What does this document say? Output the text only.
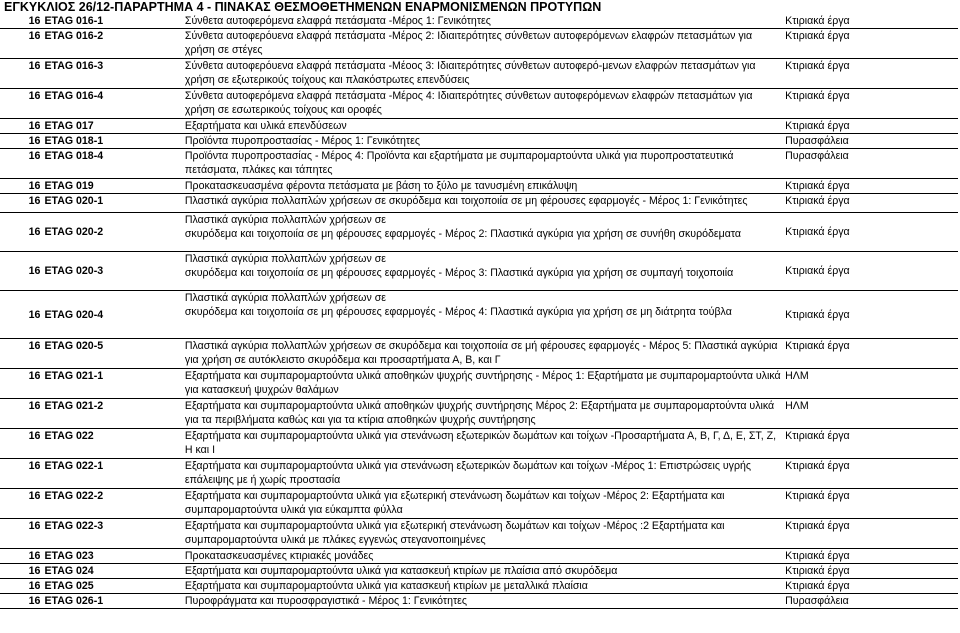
ΕΓΚΥΚΛΙΟΣ 26/12-ΠΑΡΑΡΤΗΜΑ 4 - ΠΙΝΑΚΑΣ ΘΕΣΜΟΘΕΤΗΜΕΝΩΝ ΕΝΑΡΜΟΝΙΣΜΕΝΩΝ ΠΡΟΤΥΠΩΝ
16	ETAG 016-1	Σύνθετα αυτοφερόμενα ελαφρά πετάσματα -Μέρος 1: Γενικότητες	Κτιριακά έργα
16	ETAG 016-2	Σύνθετα αυτοφερόυενα ελαφρά πετάσματα -Μέρος 2: Ιδιαιτερότητες σύνθετων αυτοφερόμενων ελαφρών πετασμάτων για χρήση σε στέγες	Κτιριακά έργα
16	ETAG 016-3	Σύνθετα αυτοφερόυενα ελαφρά πετάσματα -Μέοος 3: Ιδιαιτερότητες σύνθετων αυτοφερό-μενων ελαφρών πετασμάτων για χρήση σε εξωτερικούς τοίχους και πλακόστρωτες επενδύσεις	Κτιριακά έργα
16	ETAG 016-4	Σύνθετα αυτοφερόμενα ελαφρά πετάσματα -Μέρος 4: Ιδιαιτερότητες σύνθετων αυτοφερόμενων ελαφρών πετασμάτων για χρήση σε εσωτερικούς τοίχους και οροφές	Κτιριακά έργα
16	ETAG 017	Εξαρτήματα και υλικά επενδύσεων	Κτιριακά έργα
16	ETAG 018-1	Προϊόντα πυροπροστασίας - Μέρος 1: Γενικότητες	Πυρασφάλεια
16	ETAG 018-4	Προϊόντα πυροπροστασίας - Μέρος 4: Προϊόντα και εξαρτήματα με συμπαρομαρτούντα υλικά για πυροπροστατευτικά πετάσματα, πλάκες και τάπητες	Πυρασφάλεια
16	ETAG 019	Προκατασκευασμένα φέροντα πετάσματα με βάση το ξύλο με τανυσμένη επικάλυψη	Κτιριακά έργα
16	ETAG 020-1	Πλαστικά αγκύρια πολλαπλών χρήσεων σε σκυρόδεμα και τοιχοποιία σε μη φέρουσες εφαρμογές - Μέρος 1: Γενικότητες	Κτιριακά έργα
16	ETAG 020-2	Πλαστικά αγκύρια πολλαπλών χρήσεων σε
σκυρόδεμα και τοιχοποιία σε μη φέρουσες εφαρμογές - Μέρος 2: Πλαστικά αγκύρια για χρήση σε συνήθη σκυρόδεματα	Κτιριακά έργα
16	ETAG 020-3	Πλαστικά αγκύρια πολλαπλών χρήσεων σε
σκυρόδεμα και τοιχοποιία σε μη φέρουσες εφαρμογές - Μέρος 3: Πλαστικά αγκύρια για χρήση σε συμπαγή τοιχοποιία	Κτιριακά έργα
16	ETAG 020-4	Πλαστικά αγκύρια πολλαπλών χρήσεων σε
σκυρόδεμα και τοιχοποιία σε μη φέρουσες εφαρμογές - Μέρος 4: Πλαστικά αγκύρια για χρήση σε μη διάτρητα τούβλα	Κτιριακά έργα
16	ETAG 020-5	Πλαστικά αγκύρια πολλαπλών χρήσεων σε σκυρόδεμα και τοιχοποιία σε μή φέρουσες εφαρμογές - Μέρος 5: Πλαστικά αγκύρια για χρήση σε αυτόκλειστο σκυρόδεμα και προσαρτήματα Α, Β, και Γ	Κτιριακά έργα
16	ETAG 021-1	Εξαρτήματα και συμπαρομαρτούντα υλικά αποθηκών ψυχρής συντήρησης - Μέρος 1: Εξαρτήματα με συμπαρομαρτούντα υλικά για κατασκευή ψυχρών θαλάμων	ΗΛΜ
16	ETAG 021-2	Εξαρτήματα και συμπαρομαρτούντα υλικά αποθηκών ψυχρής συντήρησης Μέρος 2: Εξαρτήματα με συμπαρομαρτούντα υλικά για τα περιβλήματα καθώς και για τα κτίρια αποθηκών ψυχρής συντήρησης	ΗΛΜ
16	ETAG 022	Εξαρτήματα και συμπαρομαρτούντα υλικά για στενάνωση εξωτερικών δωμάτων και τοίχων -Προσαρτήματα Α, Β, Γ, Δ, Ε, ΣΤ, Ζ, Η και Ι	Κτιριακά έργα
16	ETAG 022-1	Εξαρτήματα και συμπαρομαρτούντα υλικά για στενάνωση εξωτερικών δωμάτων και τοίχων -Μέρος 1: Επιστρώσεις υγρής επάλειψης με ή χωρίς προστασία	Κτιριακά έργα
16	ETAG 022-2	Εξαρτήματα και συμπαρομαρτούντα υλικά για εξωτερική στενάνωση δωμάτων και τοίχων -Μέρος 2: Εξαρτήματα και συμπαρομαρτούντα υλικά για εύκαμπτα φύλλα	Κτιριακά έργα
16	ETAG 022-3	Εξαρτήματα και συμπαρομαρτούντα υλικά για εξωτερική στενάνωση δωμάτων και τοίχων -Μέρος :2 Εξαρτήματα και συμπαρομαρτούντα υλικά με πλάκες εγγενώς στεγανοποιημένες	Κτιριακά έργα
16	ETAG 023	Προκατασκευασμένες κτιριακές μονάδες	Κτιριακά έργα
16	ETAG 024	Εξαρτήματα και συμπαρομαρτούντα υλικά για κατασκευή κτιρίων με πλαίσια από σκυρόδεμα	Κτιριακά έργα
16	ETAG 025	Εξαρτήματα και συμπαρομαρτούντα υλικά για κατασκευή κτιρίων με μεταλλικά πλαίσια	Κτιριακά έργα
16	ETAG 026-1	Πυροφράγματα και πυροσφραγιστικά - Μέρος 1: Γενικότητες	Πυρασφάλεια
